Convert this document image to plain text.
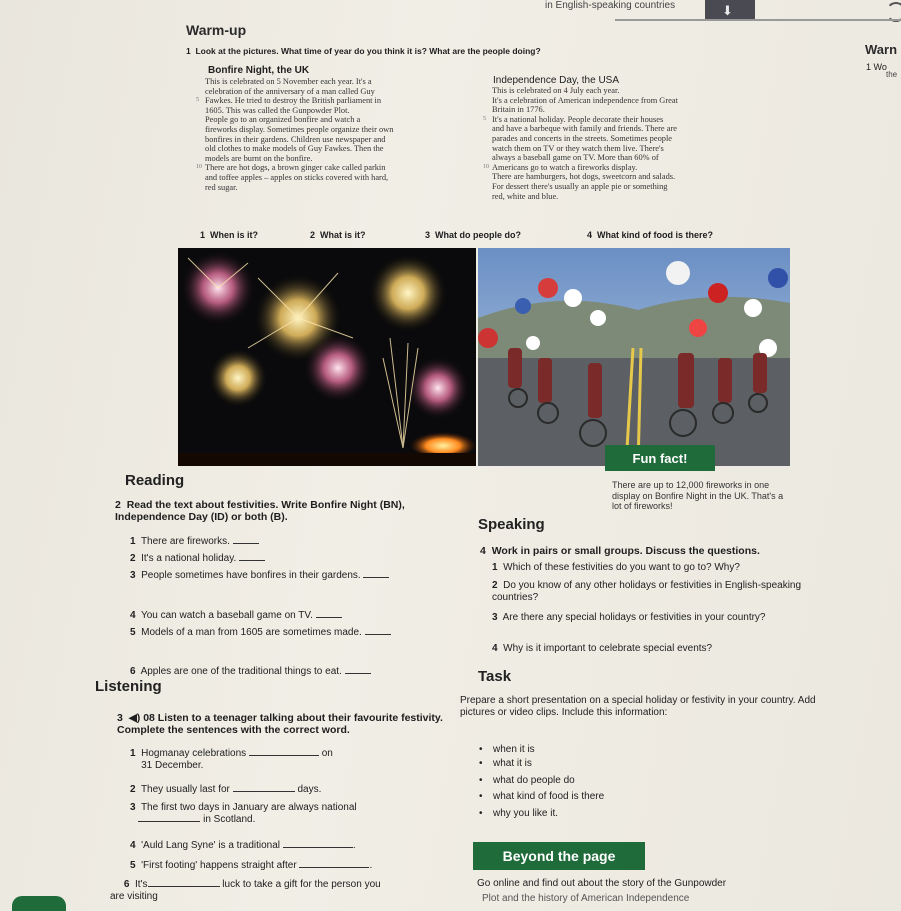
in English-speaking countries	⬇
Warm-up
1 Look at the pictures. What time of year do you think it is? What are the people doing?	Warn
1 Wo
the
Bonfire Night, the UK
This is celebrated on 5 November each year. It's a
celebration of the anniversary of a man called Guy
5 Fawkes. He tried to destroy the British parliament in
1605. This was called the Gunpowder Plot.
People go to an organized bonfire and watch a
fireworks display. Sometimes people organize their own
bonfires in their gardens. Children use newspaper and
old clothes to make models of Guy Fawkes. Then the
models are burnt on the bonfire.
10 There are hot dogs, a brown ginger cake called parkin
and toffee apples – apples on sticks covered with hard,
red sugar.
Independence Day, the USA
This is celebrated on 4 July each year.
It's a celebration of American independence from Great
Britain in 1776.
5 It's a national holiday. People decorate their houses
and have a barbeque with family and friends. There are
parades and concerts in the streets. Sometimes people
watch them on TV or they watch them live. There's
always a baseball game on TV. More than 60% of
10 Americans go to watch a fireworks display.
There are hamburgers, hot dogs, sweetcorn and salads.
For dessert there's usually an apple pie or something
red, white and blue.
1 When is it?	2 What is it?	3 What do people do?	4 What kind of food is there?
Fun fact!
There are up to 12,000 fireworks in one display on Bonfire Night in the UK. That's a lot of fireworks!
Reading
2 Read the text about festivities. Write Bonfire Night (BN), Independence Day (ID) or both (B).
1 There are fireworks.
2 It's a national holiday.
3 People sometimes have bonfires in their gardens.
4 You can watch a baseball game on TV.
5 Models of a man from 1605 are sometimes made.
6 Apples are one of the traditional things to eat.
Speaking
4 Work in pairs or small groups. Discuss the questions.
1 Which of these festivities do you want to go to? Why?
2 Do you know of any other holidays or festivities in English-speaking countries?
3 Are there any special holidays or festivities in your country?
4 Why is it important to celebrate special events?
Listening
3 ◀) 08 Listen to a teenager talking about their favourite festivity. Complete the sentences with the correct word.
1 Hogmanay celebrations	on
31 December.
2 They usually last for	days.
3 The first two days in January are always national
in Scotland.
4 'Auld Lang Syne' is a traditional	.
5 'First footing' happens straight after	.
6 It's	luck to take a gift for the person you
are visiting
Task
Prepare a short presentation on a special holiday or festivity in your country. Add pictures or video clips. Include this information:
• when it is
• what it is
• what do people do
• what kind of food is there
• why you like it.
Beyond the page
Go online and find out about the story of the Gunpowder
Plot and the history of American Independence
